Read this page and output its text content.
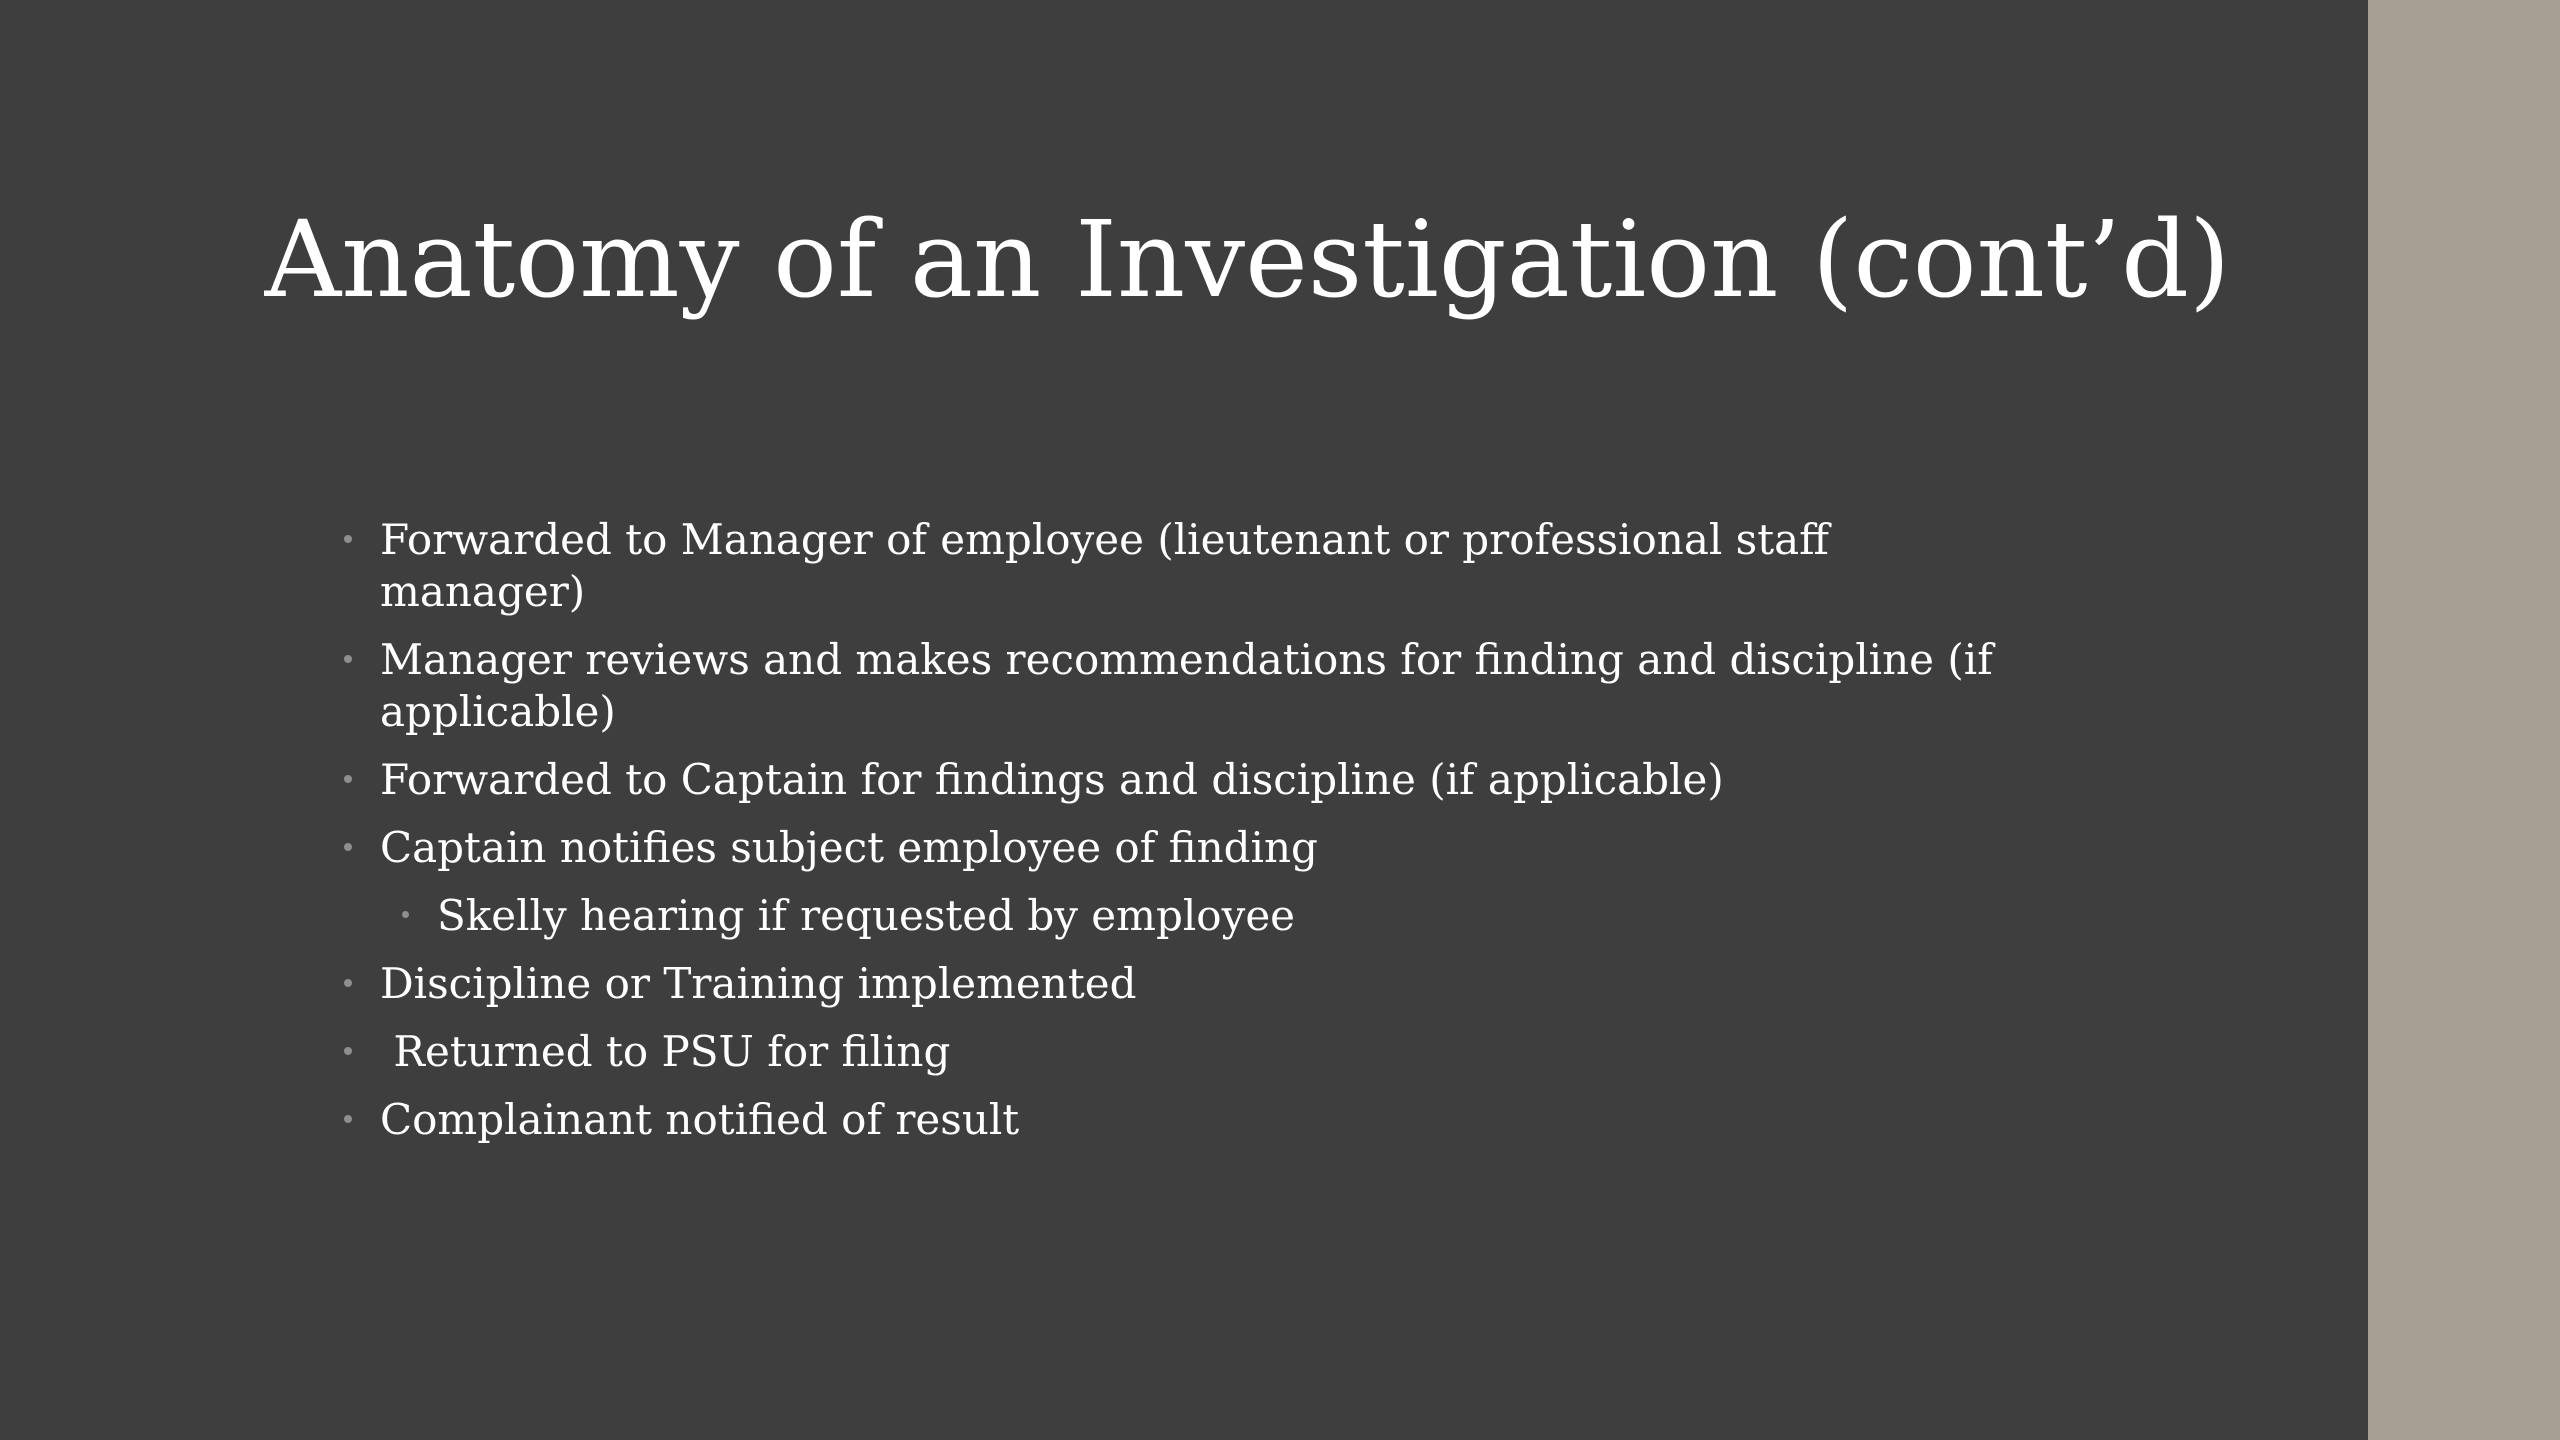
Anatomy of an Investigation (cont’d)
Forwarded to Manager of employee (lieutenant or professional staff manager)
Manager reviews and makes recommendations for finding and discipline (if applicable)
Forwarded to Captain for findings and discipline (if applicable)
Captain notifies subject employee of finding
Skelly hearing if requested by employee
Discipline or Training implemented
Returned to PSU for filing
Complainant notified of result
